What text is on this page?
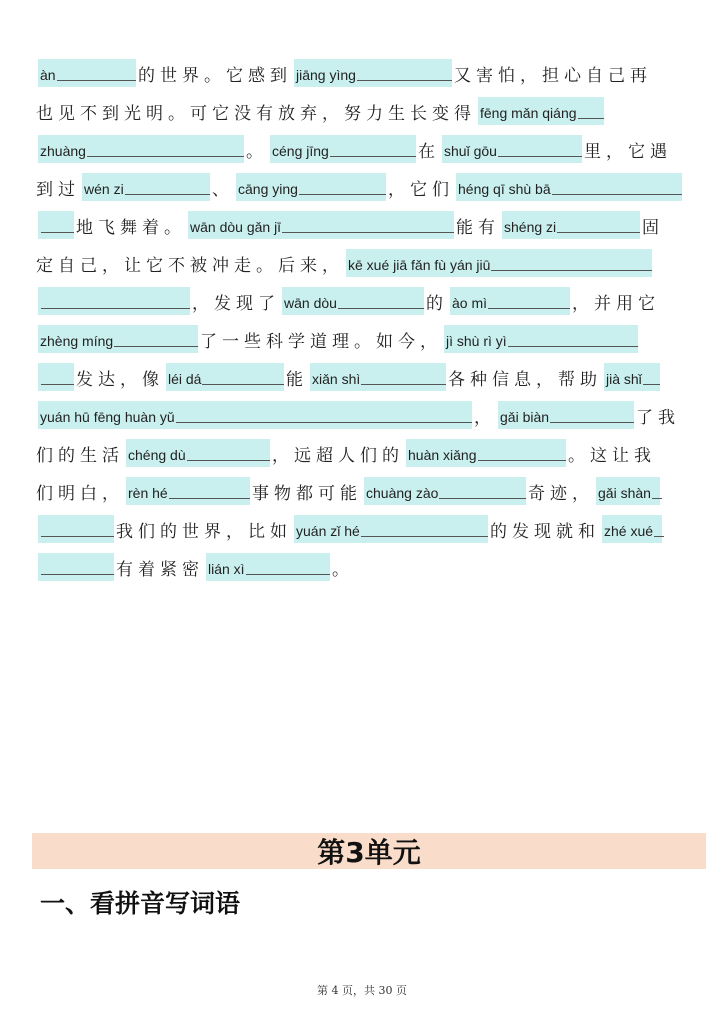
àn	的世界。它感到 jiāng yìng	又害怕，担心自己再
也见不到光明。可它没有放弃，努力生长变得 fēng mǎn qiáng
zhuàng	。 céng jīng	在 shuǐ gōu	里，它遇
到过 wén zi	、 cāng ying	，它们 héng qī shù bā
地飞舞着。 wān dòu gǎn jī	能有 shéng zi	固
定自己，让它不被冲走。后来， kē xué jiā fǎn fù yán jiū
，发现了 wān dòu	的 ào mì	，并用它
zhèng míng	了一些科学道理。如今， jì shù rì yì
发达，像 léi dá	能 xiǎn shì	各种信息，帮助 jià shǐ
yuán hū fēng huàn yǔ	， gǎi biàn	了我
们的生活 chéng dù	，远超人们的 huàn xiǎng	。这让我
们明白， rèn hé	事物都可能 chuàng zào	奇迹， gǎi shàn
我们的世界，比如 yuán zǐ hé	的发现就和 zhé xué
有着紧密 lián xì	。
第3单元
一、看拼音写词语
第 4 页，共 30 页
